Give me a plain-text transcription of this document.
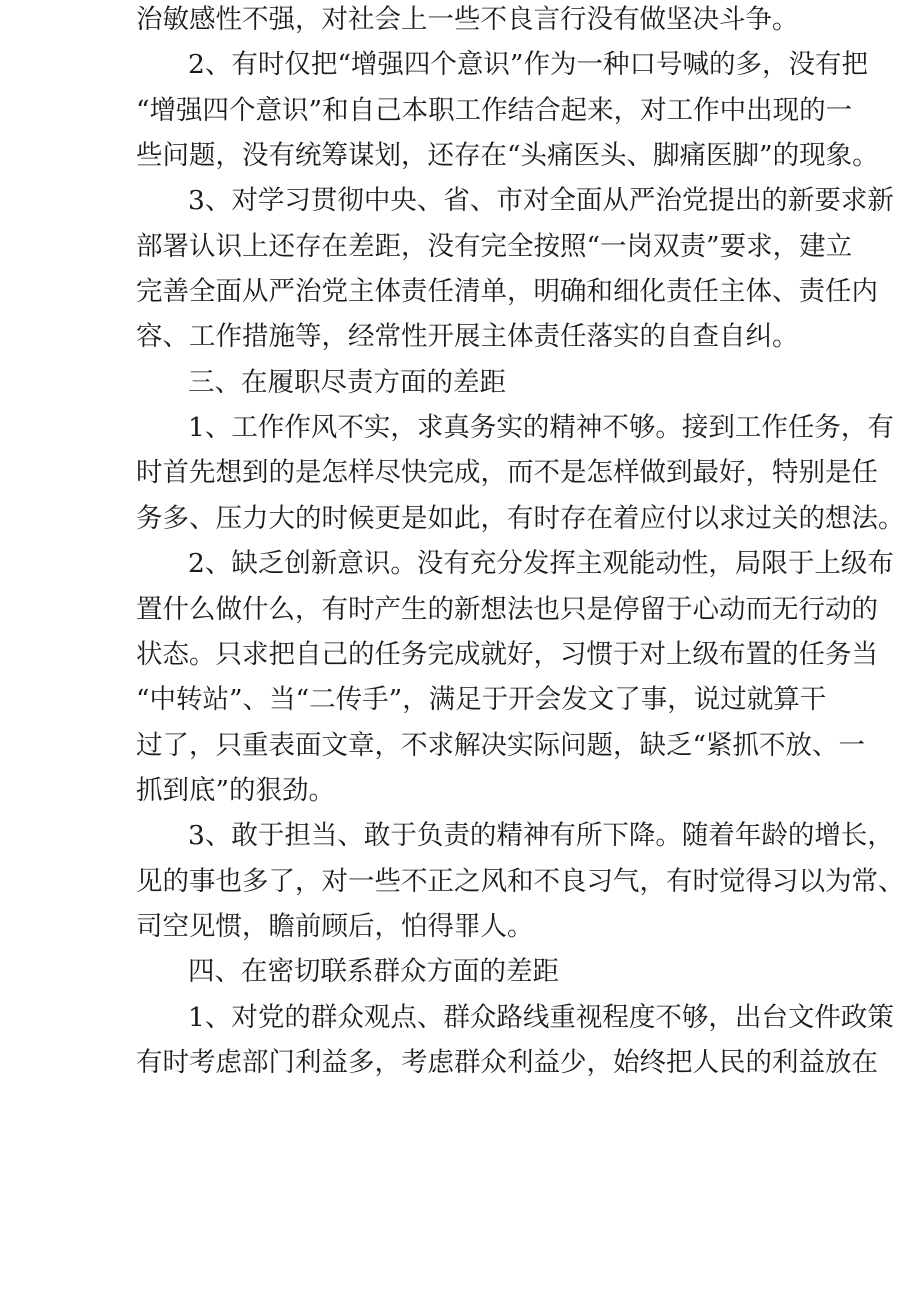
治敏感性不强，对社会上一些不良言行没有做坚决斗争。
2、有时仅把“增强四个意识”作为一种口号喊的多，没有把
“增强四个意识”和自己本职工作结合起来，对工作中出现的一
些问题，没有统筹谋划，还存在“头痛医头、脚痛医脚”的现象。
3、对学习贯彻中央、省、市对全面从严治党提出的新要求新
部署认识上还存在差距，没有完全按照“一岗双责”要求，建立
完善全面从严治党主体责任清单，明确和细化责任主体、责任内
容、工作措施等，经常性开展主体责任落实的自查自纠。
三、在履职尽责方面的差距
1、工作作风不实，求真务实的精神不够。接到工作任务，有
时首先想到的是怎样尽快完成，而不是怎样做到最好，特别是任
务多、压力大的时候更是如此，有时存在着应付以求过关的想法。
2、缺乏创新意识。没有充分发挥主观能动性，局限于上级布
置什么做什么，有时产生的新想法也只是停留于心动而无行动的
状态。只求把自己的任务完成就好，习惯于对上级布置的任务当
“中转站”、当“二传手”，满足于开会发文了事，说过就算干
过了，只重表面文章，不求解决实际问题，缺乏“紧抓不放、一
抓到底”的狠劲。
3、敢于担当、敢于负责的精神有所下降。随着年龄的增长，
见的事也多了，对一些不正之风和不良习气，有时觉得习以为常、
司空见惯，瞻前顾后，怕得罪人。
四、在密切联系群众方面的差距
1、对党的群众观点、群众路线重视程度不够，出台文件政策
有时考虑部门利益多，考虑群众利益少，始终把人民的利益放在
